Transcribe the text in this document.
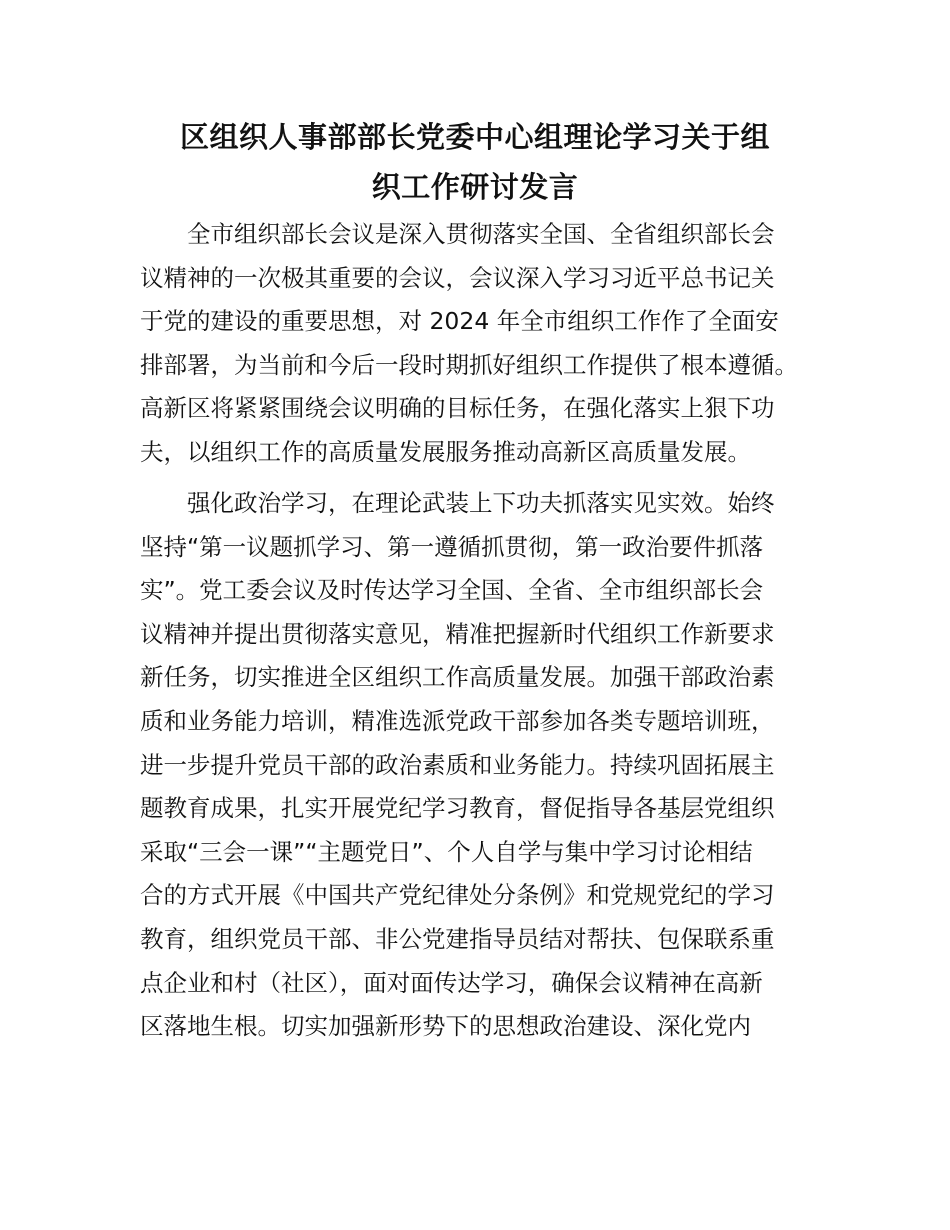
区组织人事部部长党委中心组理论学习关于组
织工作研讨发言
　　全市组织部长会议是深入贯彻落实全国、全省组织部长会
议精神的一次极其重要的会议，会议深入学习习近平总书记关
于党的建设的重要思想，对 2024 年全市组织工作作了全面安
排部署，为当前和今后一段时期抓好组织工作提供了根本遵循。
高新区将紧紧围绕会议明确的目标任务，在强化落实上狠下功
夫，以组织工作的高质量发展服务推动高新区高质量发展。
　　强化政治学习，在理论武装上下功夫抓落实见实效。始终
坚持“第一议题抓学习、第一遵循抓贯彻，第一政治要件抓落
实”。党工委会议及时传达学习全国、全省、全市组织部长会
议精神并提出贯彻落实意见，精准把握新时代组织工作新要求
新任务，切实推进全区组织工作高质量发展。加强干部政治素
质和业务能力培训，精准选派党政干部参加各类专题培训班，
进一步提升党员干部的政治素质和业务能力。持续巩固拓展主
题教育成果，扎实开展党纪学习教育，督促指导各基层党组织
采取“三会一课”“主题党日”、个人自学与集中学习讨论相结
合的方式开展《中国共产党纪律处分条例》和党规党纪的学习
教育，组织党员干部、非公党建指导员结对帮扶、包保联系重
点企业和村（社区），面对面传达学习，确保会议精神在高新
区落地生根。切实加强新形势下的思想政治建设、深化党内
